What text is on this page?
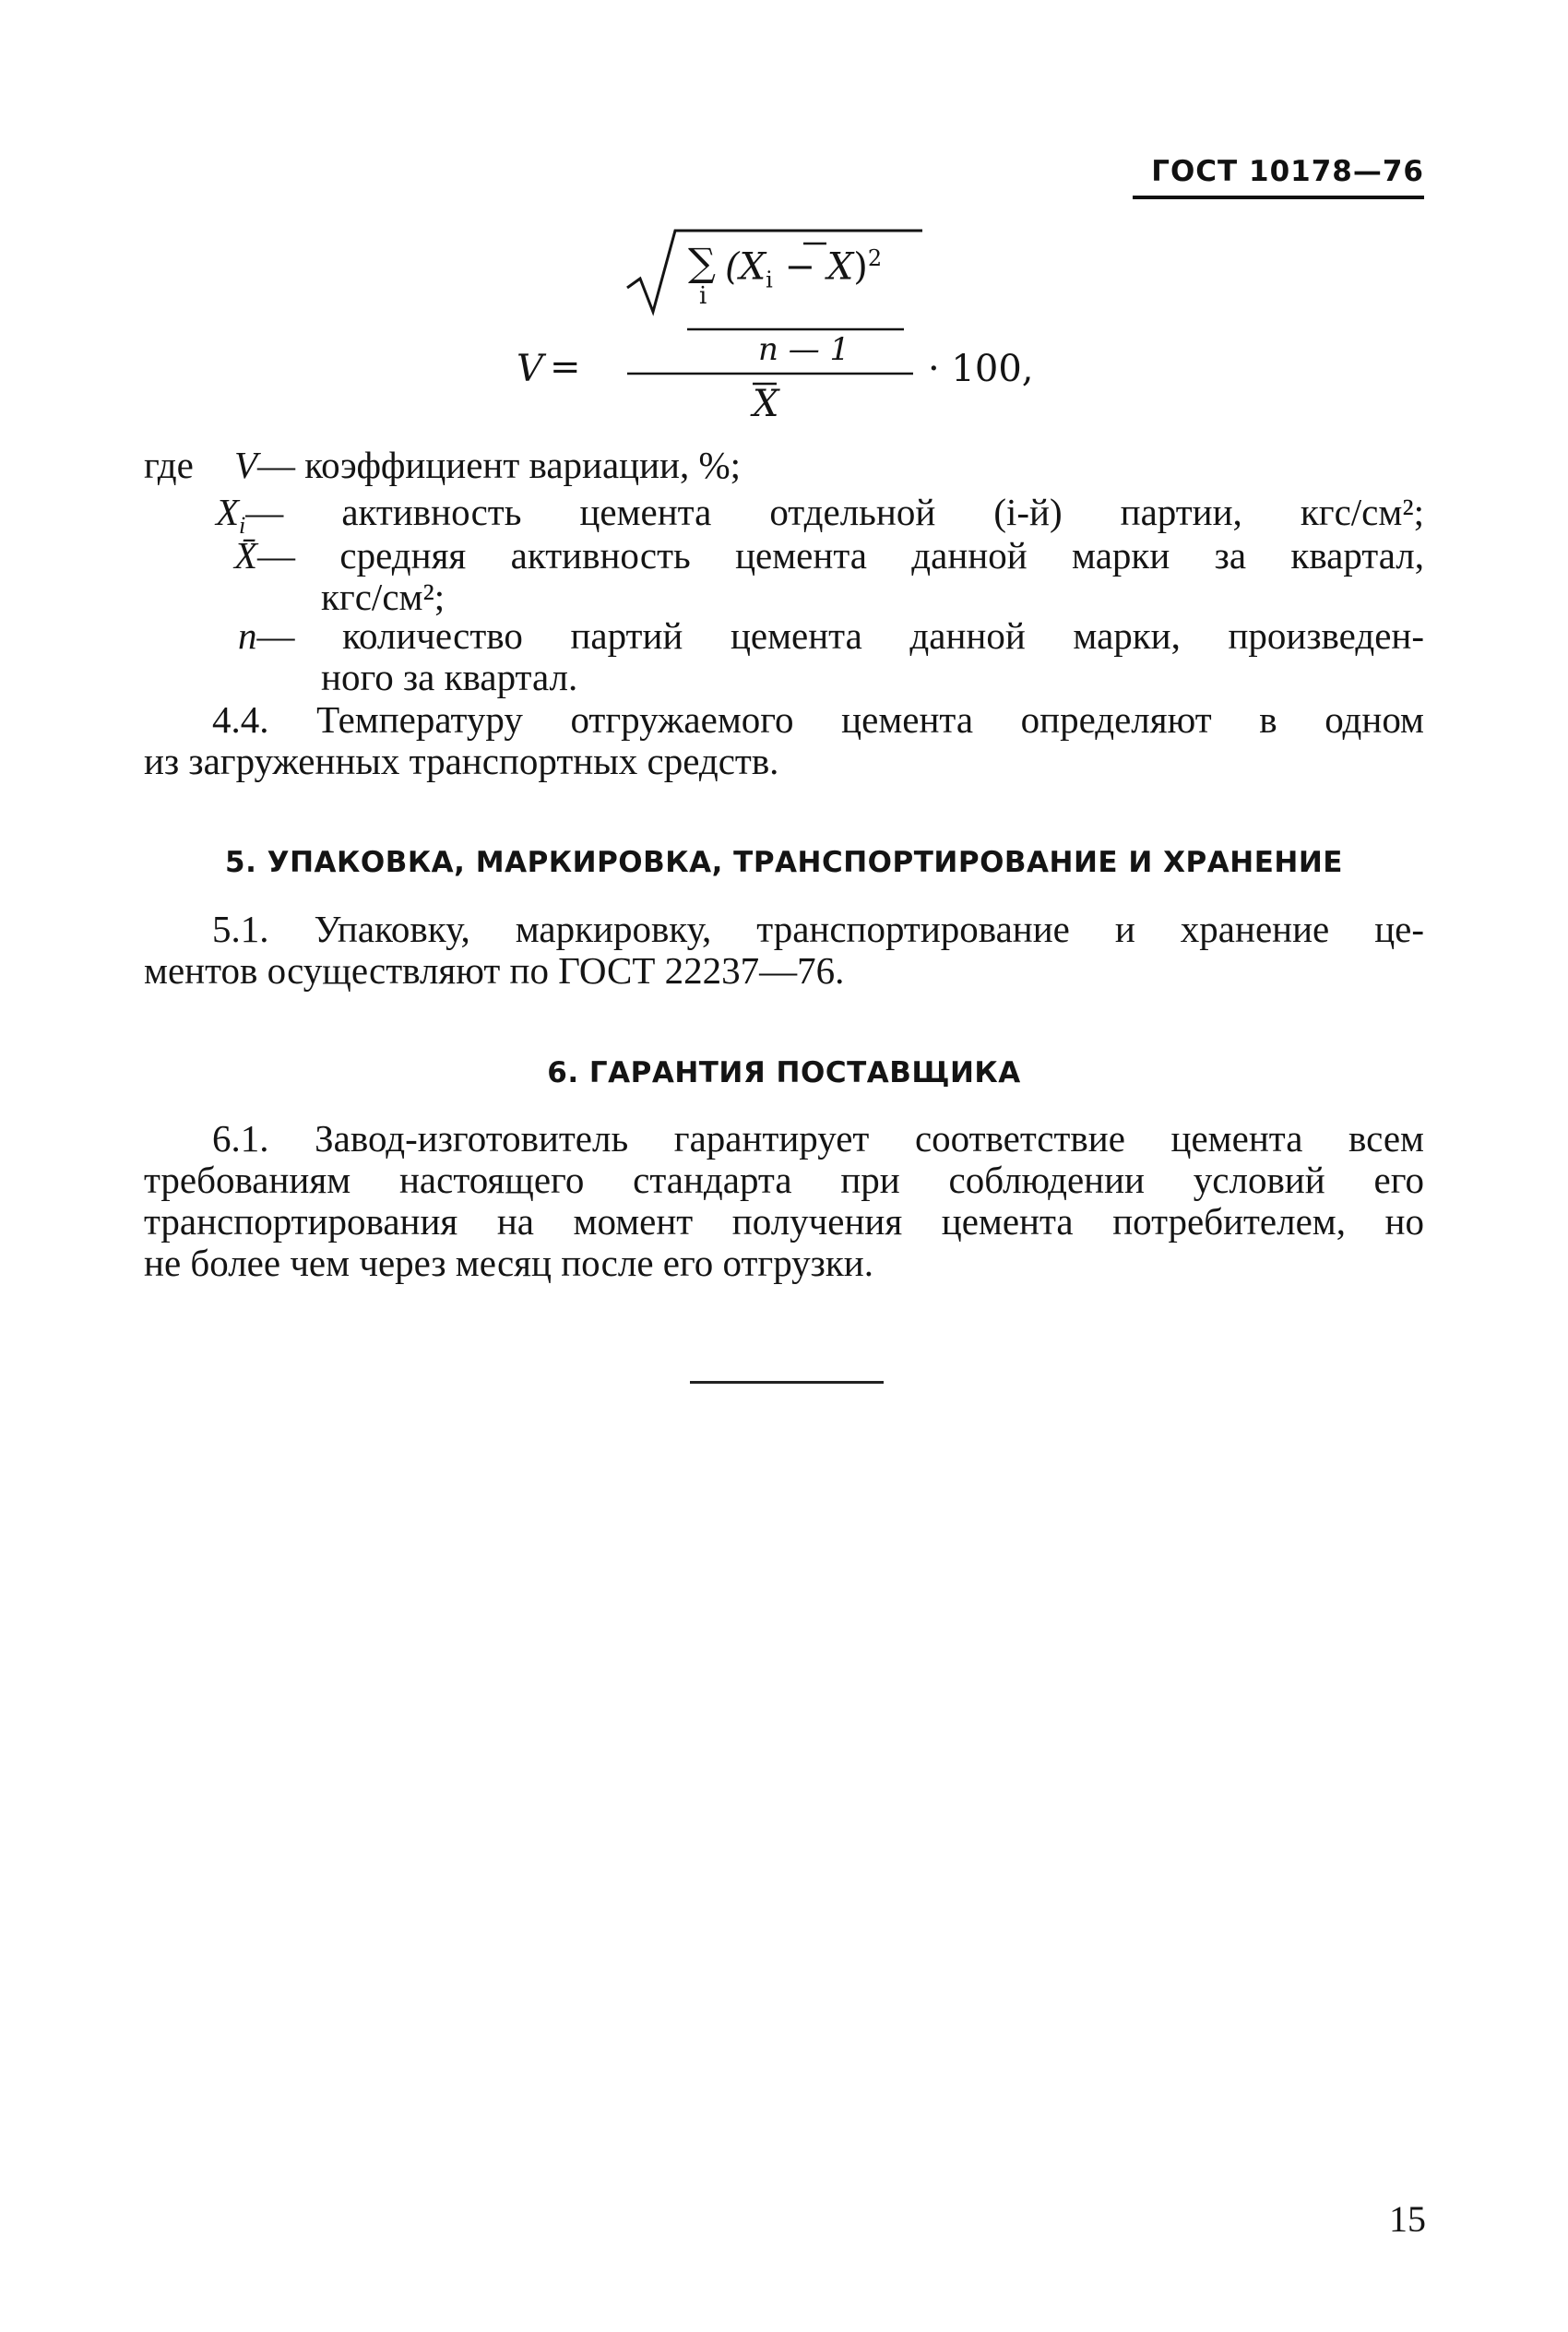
ГОСТ 10178—76
V =
∑
i
$(X_i - X)^2$
n — 1
X
· 100,
где V— коэффициент вариации, %;
$X_i—$ активность цемента отдельной (i-й) партии, кгс/см²;
X̄— средняя активность цемента данной марки за квартал,
кгс/см²;
n— количество партий цемента данной марки, произведен-
ного за квартал.
4.4. Температуру отгружаемого цемента определяют в одном
из загруженных транспортных средств.
5. УПАКОВКА, МАРКИРОВКА, ТРАНСПОРТИРОВАНИЕ И ХРАНЕНИЕ
5.1. Упаковку, маркировку, транспортирование и хранение це-
ментов осуществляют по ГОСТ 22237—76.
6. ГАРАНТИЯ ПОСТАВЩИКА
6.1. Завод-изготовитель гарантирует соответствие цемента всем
требованиям настоящего стандарта при соблюдении условий его
транспортирования на момент получения цемента потребителем, но
не более чем через месяц после его отгрузки.
15
